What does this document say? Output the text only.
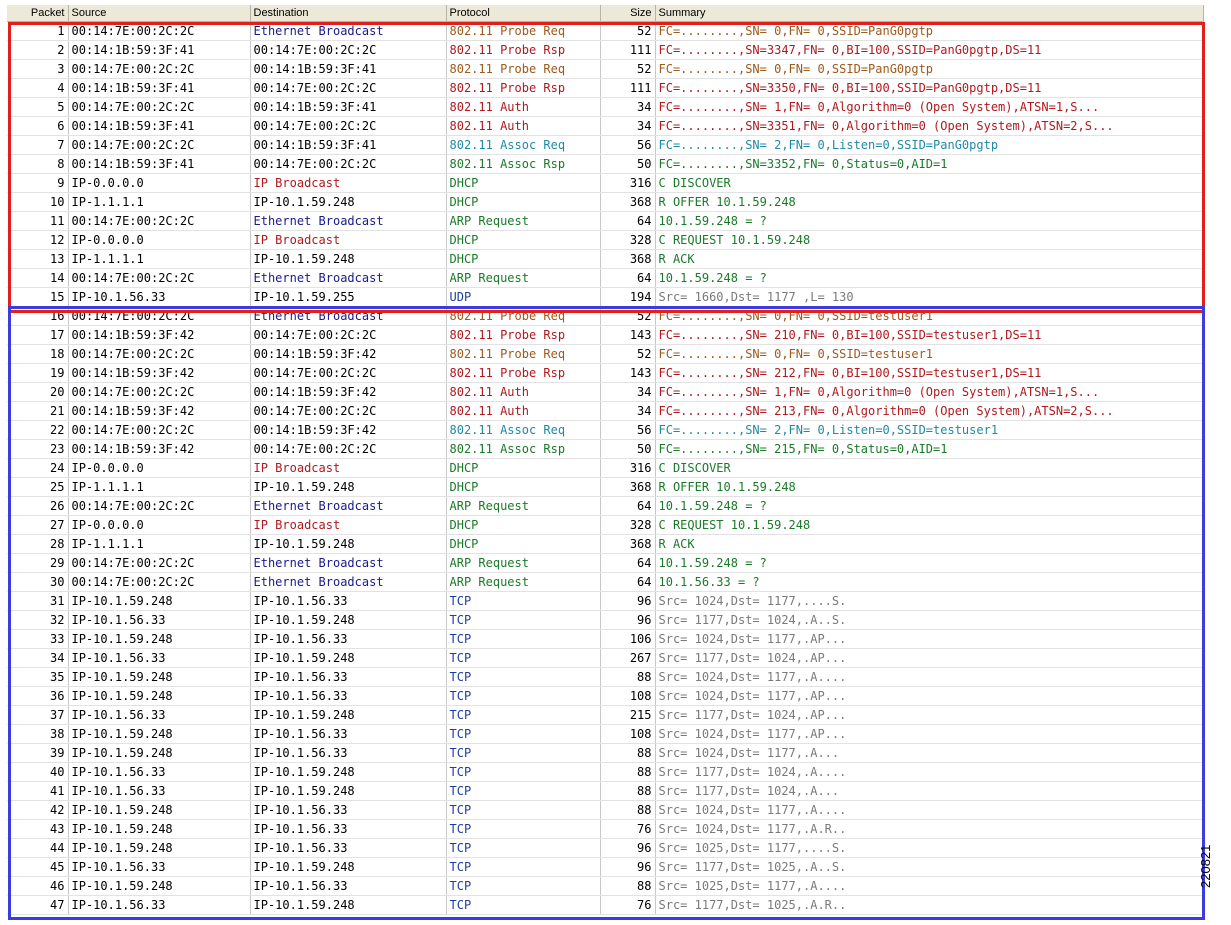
Packet	Source	Destination	Protocol	Size	Summary
1	00:14:7E:00:2C:2C	Ethernet Broadcast	802.11 Probe Req	52	FC=........,SN= 0,FN= 0,SSID=PanG0pgtp
2	00:14:1B:59:3F:41	00:14:7E:00:2C:2C	802.11 Probe Rsp	111	FC=........,SN=3347,FN= 0,BI=100,SSID=PanG0pgtp,DS=11
3	00:14:7E:00:2C:2C	00:14:1B:59:3F:41	802.11 Probe Req	52	FC=........,SN= 0,FN= 0,SSID=PanG0pgtp
4	00:14:1B:59:3F:41	00:14:7E:00:2C:2C	802.11 Probe Rsp	111	FC=........,SN=3350,FN= 0,BI=100,SSID=PanG0pgtp,DS=11
5	00:14:7E:00:2C:2C	00:14:1B:59:3F:41	802.11 Auth	34	FC=........,SN= 1,FN= 0,Algorithm=0 (Open System),ATSN=1,S...
6	00:14:1B:59:3F:41	00:14:7E:00:2C:2C	802.11 Auth	34	FC=........,SN=3351,FN= 0,Algorithm=0 (Open System),ATSN=2,S...
7	00:14:7E:00:2C:2C	00:14:1B:59:3F:41	802.11 Assoc Req	56	FC=........,SN= 2,FN= 0,Listen=0,SSID=PanG0pgtp
8	00:14:1B:59:3F:41	00:14:7E:00:2C:2C	802.11 Assoc Rsp	50	FC=........,SN=3352,FN= 0,Status=0,AID=1
9	IP-0.0.0.0	IP Broadcast	DHCP	316	C DISCOVER
10	IP-1.1.1.1	IP-10.1.59.248	DHCP	368	R OFFER 10.1.59.248
11	00:14:7E:00:2C:2C	Ethernet Broadcast	ARP Request	64	10.1.59.248 = ?
12	IP-0.0.0.0	IP Broadcast	DHCP	328	C REQUEST 10.1.59.248
13	IP-1.1.1.1	IP-10.1.59.248	DHCP	368	R ACK
14	00:14:7E:00:2C:2C	Ethernet Broadcast	ARP Request	64	10.1.59.248 = ?
15	IP-10.1.56.33	IP-10.1.59.255	UDP	194	Src= 1660,Dst= 1177 ,L= 130
16	00:14:7E:00:2C:2C	Ethernet Broadcast	802.11 Probe Req	52	FC=........,SN= 0,FN= 0,SSID=testuser1
17	00:14:1B:59:3F:42	00:14:7E:00:2C:2C	802.11 Probe Rsp	143	FC=........,SN= 210,FN= 0,BI=100,SSID=testuser1,DS=11
18	00:14:7E:00:2C:2C	00:14:1B:59:3F:42	802.11 Probe Req	52	FC=........,SN= 0,FN= 0,SSID=testuser1
19	00:14:1B:59:3F:42	00:14:7E:00:2C:2C	802.11 Probe Rsp	143	FC=........,SN= 212,FN= 0,BI=100,SSID=testuser1,DS=11
20	00:14:7E:00:2C:2C	00:14:1B:59:3F:42	802.11 Auth	34	FC=........,SN= 1,FN= 0,Algorithm=0 (Open System),ATSN=1,S...
21	00:14:1B:59:3F:42	00:14:7E:00:2C:2C	802.11 Auth	34	FC=........,SN= 213,FN= 0,Algorithm=0 (Open System),ATSN=2,S...
22	00:14:7E:00:2C:2C	00:14:1B:59:3F:42	802.11 Assoc Req	56	FC=........,SN= 2,FN= 0,Listen=0,SSID=testuser1
23	00:14:1B:59:3F:42	00:14:7E:00:2C:2C	802.11 Assoc Rsp	50	FC=........,SN= 215,FN= 0,Status=0,AID=1
24	IP-0.0.0.0	IP Broadcast	DHCP	316	C DISCOVER
25	IP-1.1.1.1	IP-10.1.59.248	DHCP	368	R OFFER 10.1.59.248
26	00:14:7E:00:2C:2C	Ethernet Broadcast	ARP Request	64	10.1.59.248 = ?
27	IP-0.0.0.0	IP Broadcast	DHCP	328	C REQUEST 10.1.59.248
28	IP-1.1.1.1	IP-10.1.59.248	DHCP	368	R ACK
29	00:14:7E:00:2C:2C	Ethernet Broadcast	ARP Request	64	10.1.59.248 = ?
30	00:14:7E:00:2C:2C	Ethernet Broadcast	ARP Request	64	10.1.56.33 = ?
31	IP-10.1.59.248	IP-10.1.56.33	TCP	96	Src= 1024,Dst= 1177,....S.
32	IP-10.1.56.33	IP-10.1.59.248	TCP	96	Src= 1177,Dst= 1024,.A..S.
33	IP-10.1.59.248	IP-10.1.56.33	TCP	106	Src= 1024,Dst= 1177,.AP...
34	IP-10.1.56.33	IP-10.1.59.248	TCP	267	Src= 1177,Dst= 1024,.AP...
35	IP-10.1.59.248	IP-10.1.56.33	TCP	88	Src= 1024,Dst= 1177,.A....
36	IP-10.1.59.248	IP-10.1.56.33	TCP	108	Src= 1024,Dst= 1177,.AP...
37	IP-10.1.56.33	IP-10.1.59.248	TCP	215	Src= 1177,Dst= 1024,.AP...
38	IP-10.1.59.248	IP-10.1.56.33	TCP	108	Src= 1024,Dst= 1177,.AP...
39	IP-10.1.59.248	IP-10.1.56.33	TCP	88	Src= 1024,Dst= 1177,.A...
40	IP-10.1.56.33	IP-10.1.59.248	TCP	88	Src= 1177,Dst= 1024,.A....
41	IP-10.1.56.33	IP-10.1.59.248	TCP	88	Src= 1177,Dst= 1024,.A...
42	IP-10.1.59.248	IP-10.1.56.33	TCP	88	Src= 1024,Dst= 1177,.A....
43	IP-10.1.59.248	IP-10.1.56.33	TCP	76	Src= 1024,Dst= 1177,.A.R..
44	IP-10.1.59.248	IP-10.1.56.33	TCP	96	Src= 1025,Dst= 1177,....S.
45	IP-10.1.56.33	IP-10.1.59.248	TCP	96	Src= 1177,Dst= 1025,.A..S.
46	IP-10.1.59.248	IP-10.1.56.33	TCP	88	Src= 1025,Dst= 1177,.A....
47	IP-10.1.56.33	IP-10.1.59.248	TCP	76	Src= 1177,Dst= 1025,.A.R..
220821
